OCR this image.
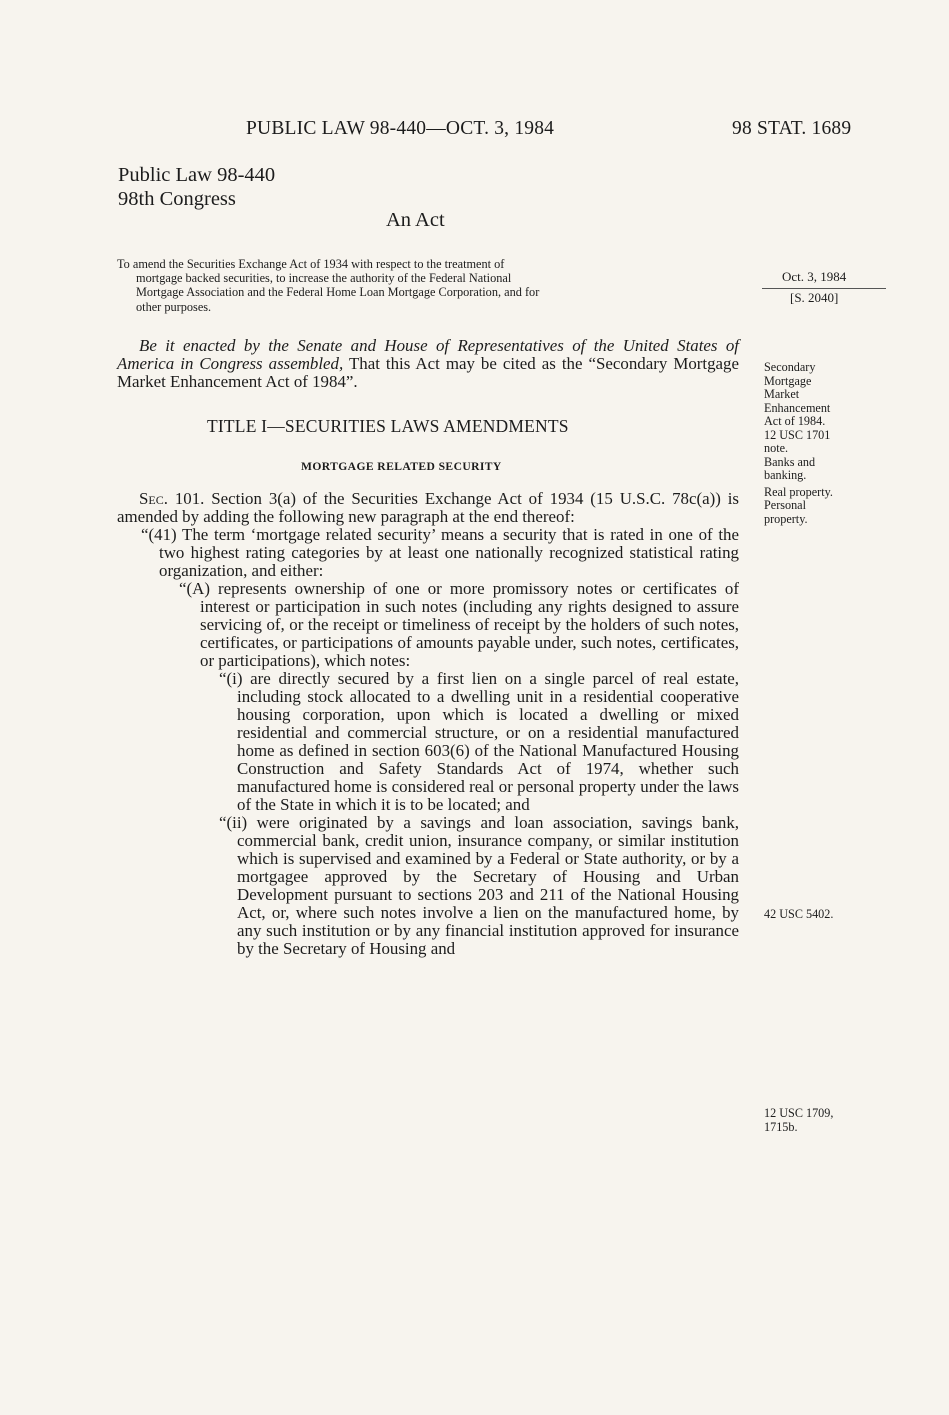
PUBLIC LAW 98-440—OCT. 3, 1984	98 STAT. 1689
Public Law 98-440
98th Congress
An Act
To amend the Securities Exchange Act of 1934 with respect to the treatment of
mortgage backed securities, to increase the authority of the Federal National
Mortgage Association and the Federal Home Loan Mortgage Corporation, and for
other purposes.

Be it enacted by the Senate and House of Representatives of the United States of America in Congress assembled, That this Act may be cited as the “Secondary Mortgage Market Enhancement Act of 1984”.

TITLE I—SECURITIES LAWS AMENDMENTS
MORTGAGE RELATED SECURITY

Sec. 101. Section 3(a) of the Securities Exchange Act of 1934 (15 U.S.C. 78c(a)) is amended by adding the following new paragraph at the end thereof:

“(41) The term ‘mortgage related security’ means a security that is rated in one of the two highest rating categories by at least one nationally recognized statistical rating organization, and either:

“(A) represents ownership of one or more promissory notes or certificates of interest or participation in such notes (including any rights designed to assure servicing of, or the receipt or timeliness of receipt by the holders of such notes, certificates, or participations of amounts payable under, such notes, certificates, or participations), which notes:

“(i) are directly secured by a first lien on a single parcel of real estate, including stock allocated to a dwelling unit in a residential cooperative housing corporation, upon which is located a dwelling or mixed residential and commercial structure, or on a residential manufactured home as defined in section 603(6) of the National Manufactured Housing Construction and Safety Standards Act of 1974, whether such manufactured home is considered real or personal property under the laws of the State in which it is to be located; and

“(ii) were originated by a savings and loan association, savings bank, commercial bank, credit union, insurance company, or similar institution which is supervised and examined by a Federal or State authority, or by a mortgagee approved by the Secretary of Housing and Urban Development pursuant to sections 203 and 211 of the National Housing Act, or, where such notes involve a lien on the manufactured home, by any such institution or by any financial institution approved for insurance by the Secretary of Housing and

Oct. 3, 1984
[S. 2040]
Secondary
Mortgage
Market
Enhancement
Act of 1984.
12 USC 1701
note.
Banks and
banking.
Real property.
Personal
property.
42 USC 5402.
12 USC 1709,
1715b.
